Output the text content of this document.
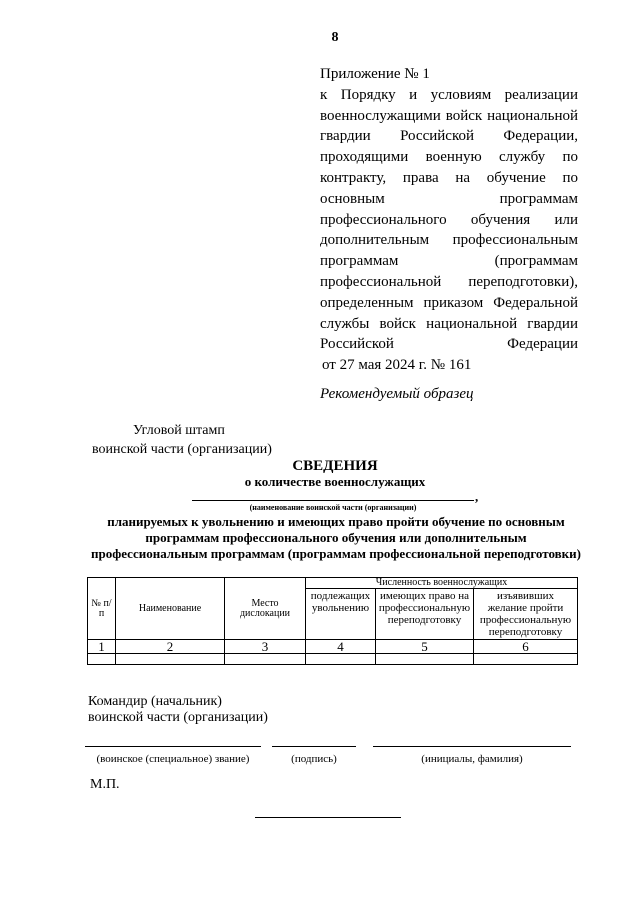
8
Приложение № 1
к Порядку и условиям реализации военнослужащими войск национальной гвардии Российской Федерации, проходящими военную службу по контракту, права на обучение по основным программам профессионального обучения или дополнительным профессиональным программам (программам профессиональной переподготовки), определенным приказом Федеральной службы войск национальной гвардии Российской Федерации
от 27 мая 2024 г. № 161
Рекомендуемый образец
Угловой штамп
воинской части (организации)
СВЕДЕНИЯ
о количестве военнослужащих
,
(наименование воинской части (организации)
планируемых к увольнению и имеющих право пройти обучение по основным программам профессионального обучения или дополнительным профессиональным программам (программам профессиональной переподготовки)
№ п/п	Наименование	Место дислокации	Численность военнослужащих		
			подлежащих увольнению	имеющих право на профессиональную переподготовку	изъявивших желание пройти профессиональную переподготовку
1	2	3	4	5	6

Командир (начальник)
воинской части (организации)
(воинское (специальное) звание)	(подпись)	(инициалы, фамилия)
М.П.
